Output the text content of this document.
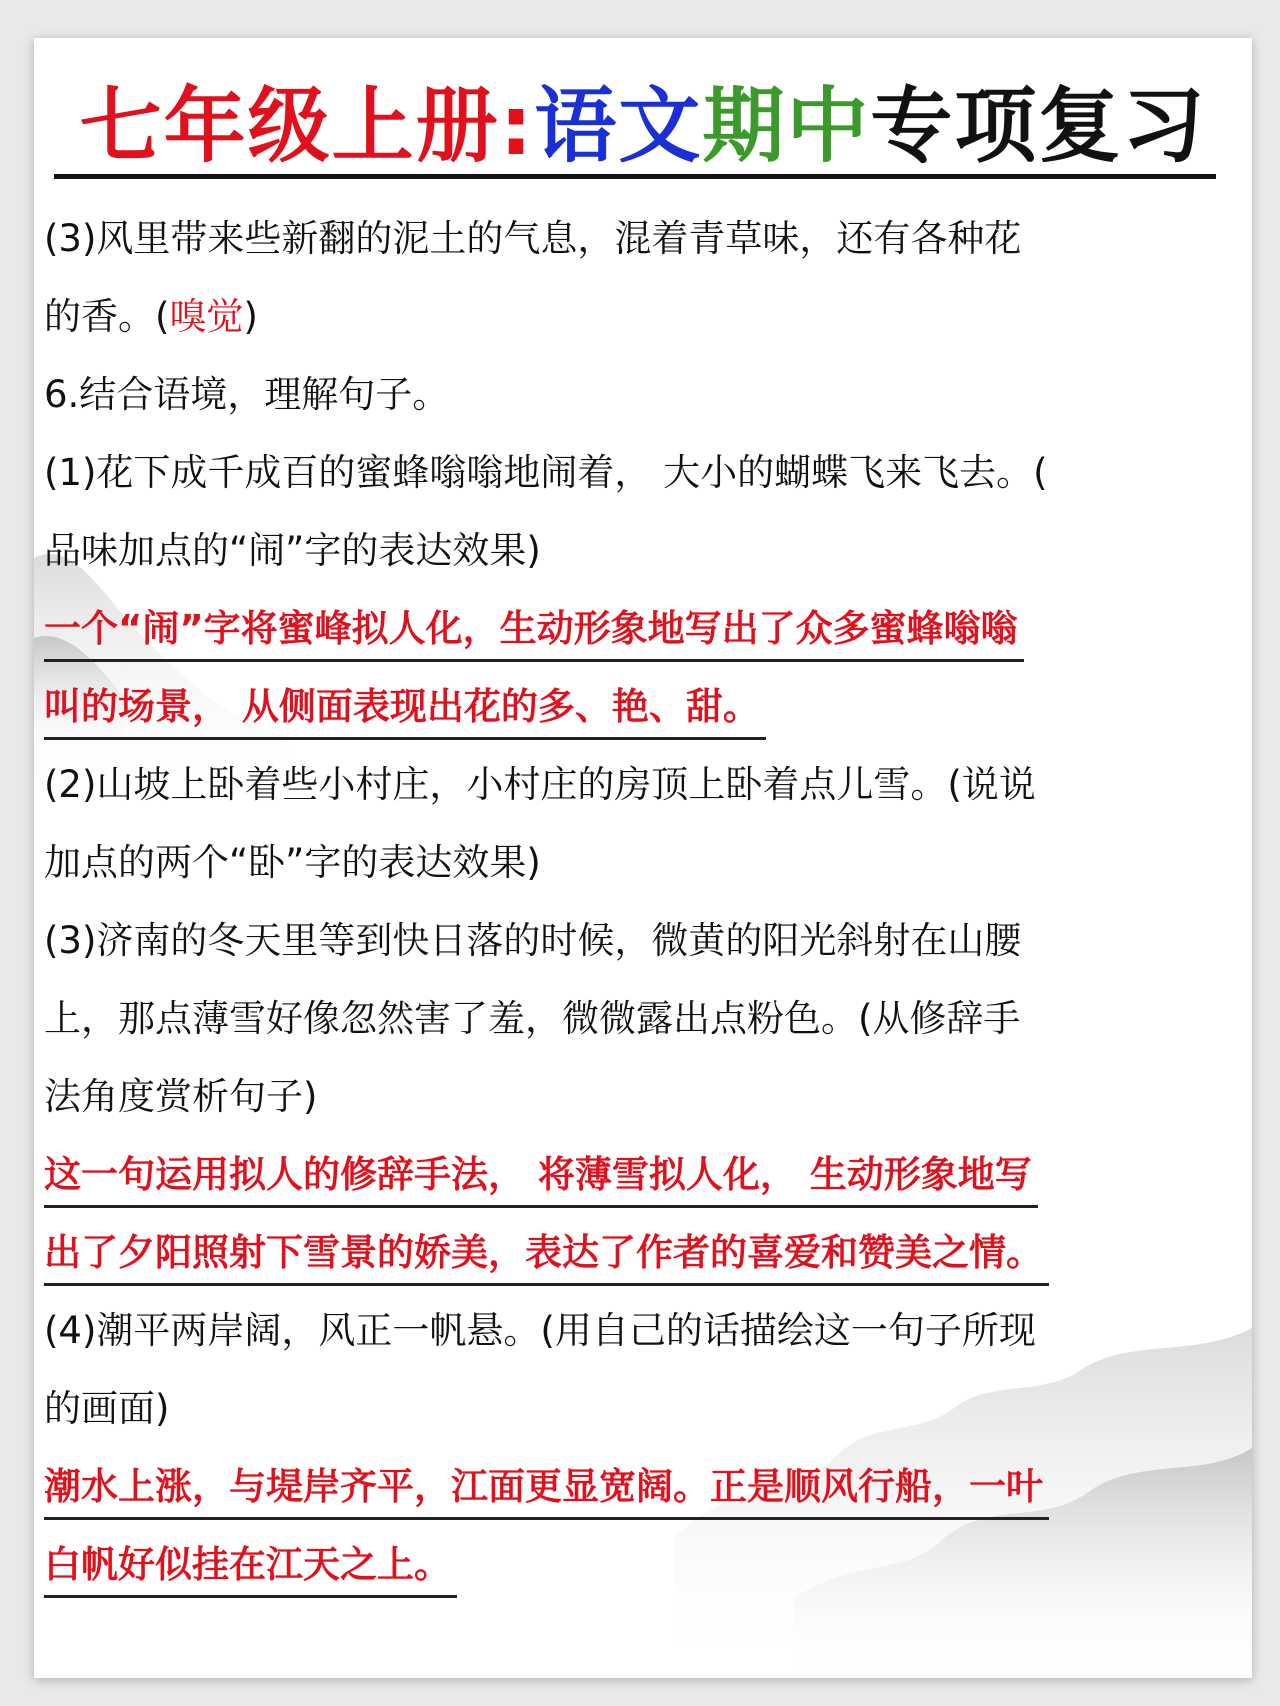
七年级上册:语文期中专项复习
(3)风里带来些新翻的泥土的气息，混着青草味，还有各种花
的香。(嗅觉)
6.结合语境，理解句子。
(1)花下成千成百的蜜蜂嗡嗡地闹着， 大小的蝴蝶飞来飞去。(
品味加点的“闹”字的表达效果)
一个“闹”字将蜜峰拟人化，生动形象地写出了众多蜜蜂嗡嗡
叫的场景， 从侧面表现出花的多、艳、甜。
(2)山坡上卧着些小村庄，小村庄的房顶上卧着点儿雪。(说说
加点的两个“卧”字的表达效果)
(3)济南的冬天里等到快日落的时候，微黄的阳光斜射在山腰
上，那点薄雪好像忽然害了羞，微微露出点粉色。(从修辞手
法角度赏析句子)
这一句运用拟人的修辞手法， 将薄雪拟人化， 生动形象地写
出了夕阳照射下雪景的娇美，表达了作者的喜爱和赞美之情。
(4)潮平两岸阔，风正一帆悬。(用自己的话描绘这一句子所现
的画面)
潮水上涨，与堤岸齐平，江面更显宽阔。正是顺风行船，一叶
白帆好似挂在江天之上。
